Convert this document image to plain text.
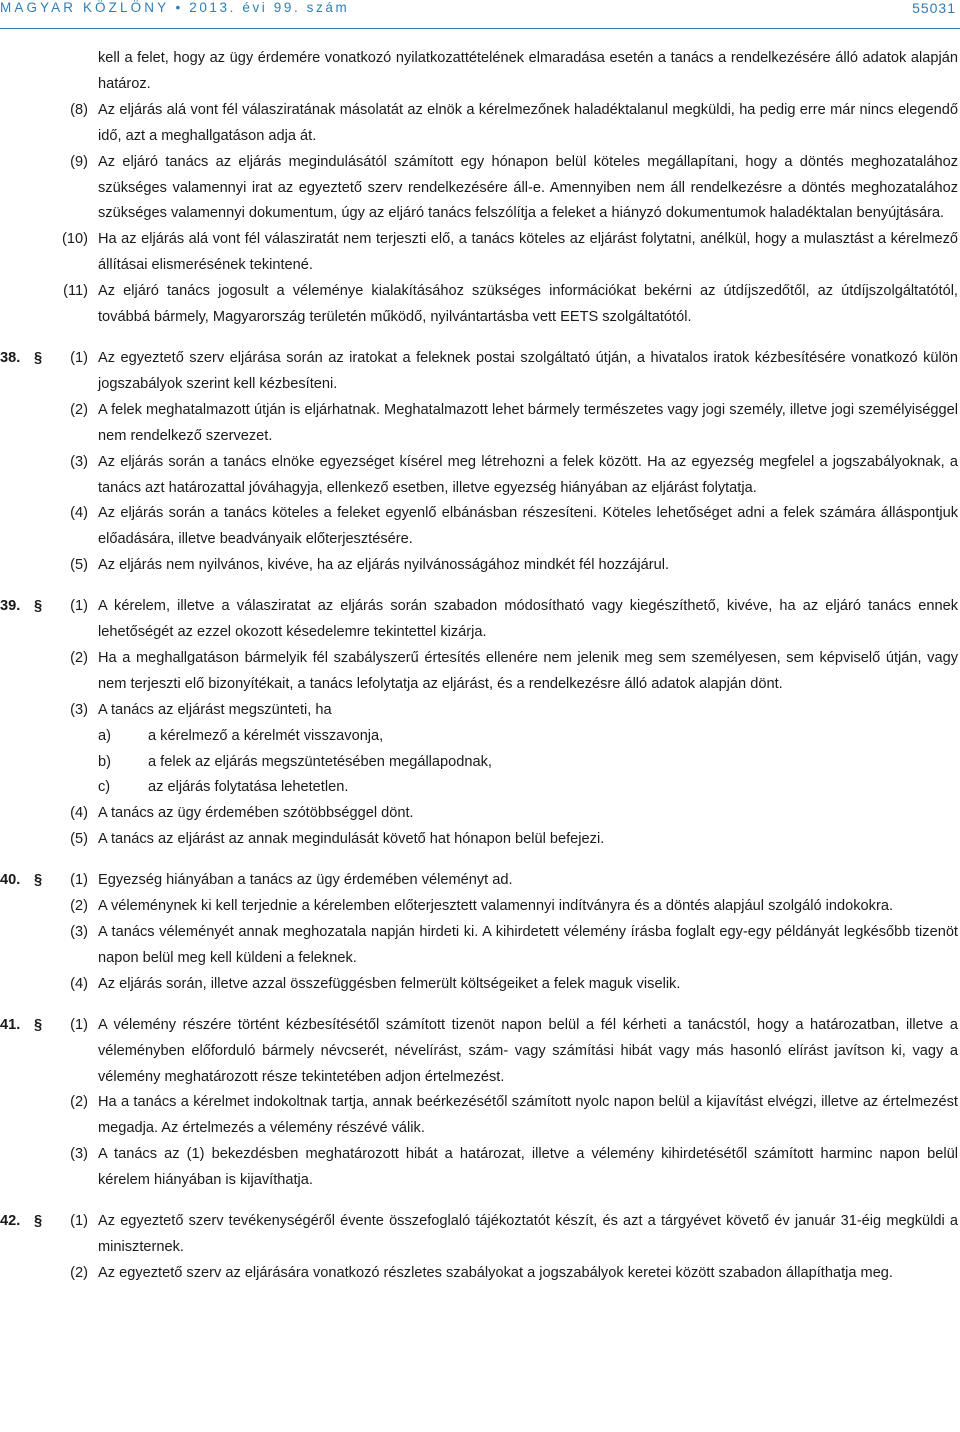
MAGYAR KÖZLÖNY • 2013. évi 99. szám	55031
kell a felet, hogy az ügy érdemére vonatkozó nyilatkozattételének elmaradása esetén a tanács a rendelkezésére álló adatok alapján határoz.
(8) Az eljárás alá vont fél válasziratának másolatát az elnök a kérelmezőnek haladéktalanul megküldi, ha pedig erre már nincs elegendő idő, azt a meghallgatáson adja át.
(9) Az eljáró tanács az eljárás megindulásától számított egy hónapon belül köteles megállapítani, hogy a döntés meghozatalához szükséges valamennyi irat az egyeztető szerv rendelkezésére áll-e. Amennyiben nem áll rendelkezésre a döntés meghozatalához szükséges valamennyi dokumentum, úgy az eljáró tanács felszólítja a feleket a hiányzó dokumentumok haladéktalan benyújtására.
(10) Ha az eljárás alá vont fél válasziratát nem terjeszti elő, a tanács köteles az eljárást folytatni, anélkül, hogy a mulasztást a kérelmező állításai elismerésének tekintené.
(11) Az eljáró tanács jogosult a véleménye kialakításához szükséges információkat bekérni az útdíjszedőtől, az útdíjszolgáltatótól, továbbá bármely, Magyarország területén működő, nyilvántartásba vett EETS szolgáltatótól.
38. §	(1) Az egyeztető szerv eljárása során az iratokat a feleknek postai szolgáltató útján, a hivatalos iratok kézbesítésére vonatkozó külön jogszabályok szerint kell kézbesíteni.
(2) A felek meghatalmazott útján is eljárhatnak. Meghatalmazott lehet bármely természetes vagy jogi személy, illetve jogi személyiséggel nem rendelkező szervezet.
(3) Az eljárás során a tanács elnöke egyezséget kísérel meg létrehozni a felek között. Ha az egyezség megfelel a jogszabályoknak, a tanács azt határozattal jóváhagyja, ellenkező esetben, illetve egyezség hiányában az eljárást folytatja.
(4) Az eljárás során a tanács köteles a feleket egyenlő elbánásban részesíteni. Köteles lehetőséget adni a felek számára álláspontjuk előadására, illetve beadványaik előterjesztésére.
(5) Az eljárás nem nyilvános, kivéve, ha az eljárás nyilvánosságához mindkét fél hozzájárul.
39. §	(1) A kérelem, illetve a válasziratat az eljárás során szabadon módosítható vagy kiegészíthető, kivéve, ha az eljáró tanács ennek lehetőségét az ezzel okozott késedelemre tekintettel kizárja.
(2) Ha a meghallgatáson bármelyik fél szabályszerű értesítés ellenére nem jelenik meg sem személyesen, sem képviselő útján, vagy nem terjeszti elő bizonyítékait, a tanács lefolytatja az eljárást, és a rendelkezésre álló adatok alapján dönt.
(3) A tanács az eljárást megszünteti, ha
a)	a kérelmező a kérelmét visszavonja,
b)	a felek az eljárás megszüntetésében megállapodnak,
c)	az eljárás folytatása lehetetlen.
(4) A tanács az ügy érdemében szótöbbséggel dönt.
(5) A tanács az eljárást az annak megindulását követő hat hónapon belül befejezi.
40. §	(1) Egyezség hiányában a tanács az ügy érdemében véleményt ad.
(2) A véleménynek ki kell terjednie a kérelemben előterjesztett valamennyi indítványra és a döntés alapjául szolgáló indokokra.
(3) A tanács véleményét annak meghozatala napján hirdeti ki. A kihirdetett vélemény írásba foglalt egy-egy példányát legkésőbb tizenöt napon belül meg kell küldeni a feleknek.
(4) Az eljárás során, illetve azzal összefüggésben felmerült költségeiket a felek maguk viselik.
41. §	(1) A vélemény részére történt kézbesítésétől számított tizenöt napon belül a fél kérheti a tanácstól, hogy a határozatban, illetve a véleményben előforduló bármely névcserét, névelírást, szám- vagy számítási hibát vagy más hasonló elírást javítson ki, vagy a vélemény meghatározott része tekintetében adjon értelmezést.
(2) Ha a tanács a kérelmet indokoltnak tartja, annak beérkezésétől számított nyolc napon belül a kijavítást elvégzi, illetve az értelmezést megadja. Az értelmezés a vélemény részévé válik.
(3) A tanács az (1) bekezdésben meghatározott hibát a határozat, illetve a vélemény kihirdetésétől számított harminc napon belül kérelem hiányában is kijavíthatja.
42. §	(1) Az egyeztető szerv tevékenységéről évente összefoglaló tájékoztatót készít, és azt a tárgyévet követő év január 31-éig megküldi a miniszternek.
(2) Az egyeztető szerv az eljárására vonatkozó részletes szabályokat a jogszabályok keretei között szabadon állapíthatja meg.
